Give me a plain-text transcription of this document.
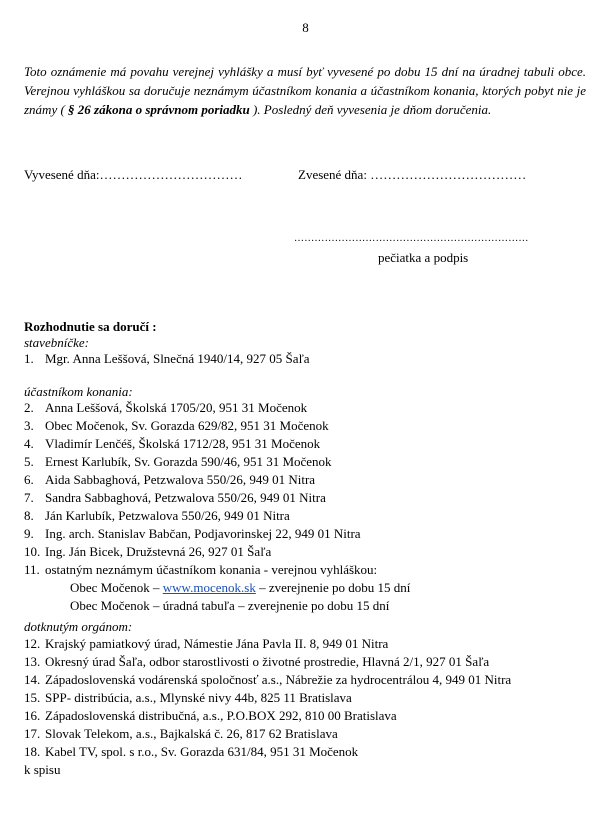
8
Toto oznámenie má povahu verejnej vyhlášky a musí byť vyvesené po dobu 15 dní na úradnej tabuli obce. Verejnou vyhláškou sa doručuje neznámym účastníkom konania a účastníkom konania, ktorých pobyt nie je známy ( § 26 zákona o správnom poriadku ). Posledný deň vyvesenia je dňom doručenia.
Vyvesené dňa:……………………………	Zvesené dňa: ………………………………
……………………………………………………………
pečiatka a podpis
Rozhodnutie sa doručí :
stavebníčke:
1. Mgr. Anna Leššová, Slnečná 1940/14, 927 05 Šaľa
účastníkom konania:
2. Anna Leššová, Školská 1705/20, 951 31 Močenok
3. Obec Močenok, Sv. Gorazda 629/82, 951 31 Močenok
4. Vladimír Lenčéš, Školská 1712/28, 951 31 Močenok
5. Ernest Karlubík, Sv. Gorazda 590/46, 951 31 Močenok
6. Aida Sabbaghová, Petzwalova 550/26, 949 01 Nitra
7. Sandra Sabbaghová, Petzwalova 550/26, 949 01 Nitra
8. Ján Karlubík, Petzwalova 550/26, 949 01 Nitra
9. Ing. arch. Stanislav Babčan, Podjavorinskej 22, 949 01 Nitra
10. Ing. Ján Bicek, Družstevná 26, 927 01 Šaľa
11. ostatným neznámym účastníkom konania - verejnou vyhláškou:
Obec Močenok – www.mocenok.sk – zverejnenie po dobu 15 dní
Obec Močenok – úradná tabuľa – zverejnenie po dobu 15 dní
dotknutým orgánom:
12. Krajský pamiatkový úrad, Námestie Jána Pavla II. 8, 949 01 Nitra
13. Okresný úrad Šaľa, odbor starostlivosti o životné prostredie, Hlavná 2/1, 927 01 Šaľa
14. Západoslovenská vodárenská spoločnosť a.s., Nábrežie za hydrocentrálou 4, 949 01 Nitra
15. SPP- distribúcia, a.s., Mlynské nivy 44b, 825 11 Bratislava
16. Západoslovenská distribučná, a.s., P.O.BOX 292, 810 00 Bratislava
17. Slovak Telekom, a.s., Bajkalská č. 26, 817 62 Bratislava
18. Kabel TV, spol. s r.o., Sv. Gorazda 631/84, 951 31 Močenok
k spisu
